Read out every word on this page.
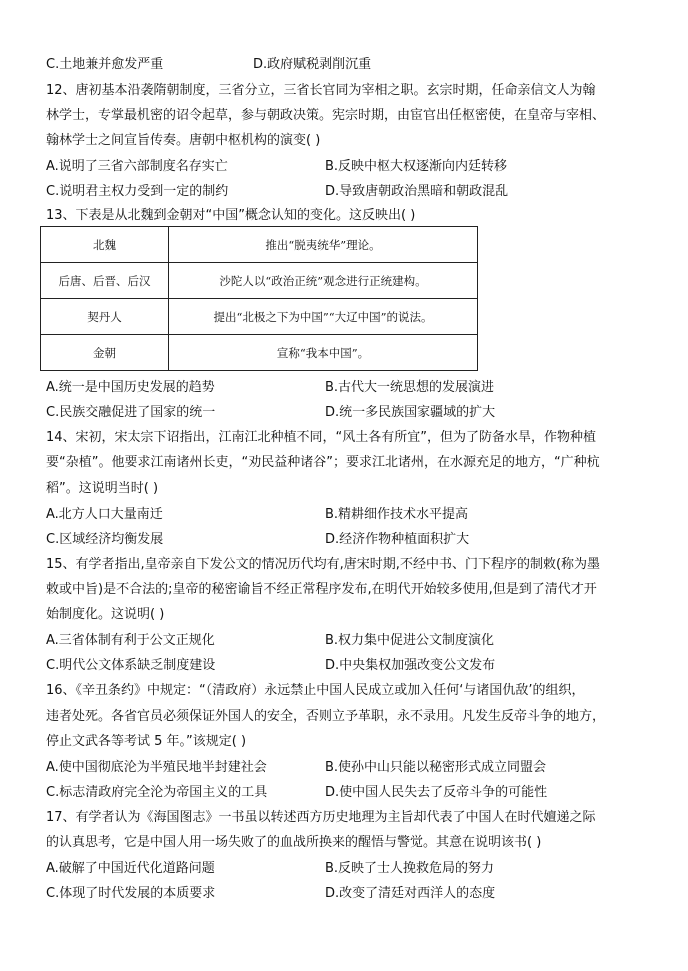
C.土地兼并愈发严重	D.政府赋税剥削沉重
12、唐初基本沿袭隋朝制度，三省分立，三省长官同为宰相之职。玄宗时期，任命亲信文人为翰
林学士，专掌最机密的诏令起草，参与朝政决策。宪宗时期，由宦官出任枢密使，在皇帝与宰相、
翰林学士之间宣旨传奏。唐朝中枢机构的演变( )
A.说明了三省六部制度名存实亡	B.反映中枢大权逐渐向内廷转移
C.说明君主权力受到一定的制约	D.导致唐朝政治黑暗和朝政混乱
13、下表是从北魏到金朝对“中国”概念认知的变化。这反映出( )
北魏	推出“脱夷统华”理论。
后唐、后晋、后汉	沙陀人以“政治正统”观念进行正统建构。
契丹人	提出“北极之下为中国”“大辽中国”的说法。
金朝	宣称“我本中国”。
A.统一是中国历史发展的趋势	B.古代大一统思想的发展演进
C.民族交融促进了国家的统一	D.统一多民族国家疆域的扩大
14、宋初，宋太宗下诏指出，江南江北种植不同，“风土各有所宜”，但为了防备水旱，作物种植
要“杂植”。他要求江南诸州长吏，“劝民益种诸谷”；要求江北诸州，在水源充足的地方，“广种杭
稻”。这说明当时( )
A.北方人口大量南迁	B.精耕细作技术水平提高
C.区域经济均衡发展	D.经济作物种植面积扩大
15、有学者指出,皇帝亲自下发公文的情况历代均有,唐宋时期,不经中书、门下程序的制敕(称为墨
敕或中旨)是不合法的;皇帝的秘密谕旨不经正常程序发布,在明代开始较多使用,但是到了清代才开
始制度化。这说明( )
A.三省体制有利于公文正规化	B.权力集中促进公文制度演化
C.明代公文体系缺乏制度建设	D.中央集权加强改变公文发布
16、《辛丑条约》中规定：“（清政府）永远禁止中国人民成立或加入任何‘与诸国仇敌’的组织，
违者处死。各省官员必须保证外国人的安全，否则立予革职，永不录用。凡发生反帝斗争的地方，
停止文武各等考试 5 年。”该规定( )
A.使中国彻底沦为半殖民地半封建社会	B.使孙中山只能以秘密形式成立同盟会
C.标志清政府完全沦为帝国主义的工具	D.使中国人民失去了反帝斗争的可能性
17、有学者认为《海国图志》一书虽以转述西方历史地理为主旨却代表了中国人在时代嬗递之际
的认真思考，它是中国人用一场失败了的血战所换来的醒悟与警觉。其意在说明该书( )
A.破解了中国近代化道路问题	B.反映了士人挽救危局的努力
C.体现了时代发展的本质要求	D.改变了清廷对西洋人的态度
